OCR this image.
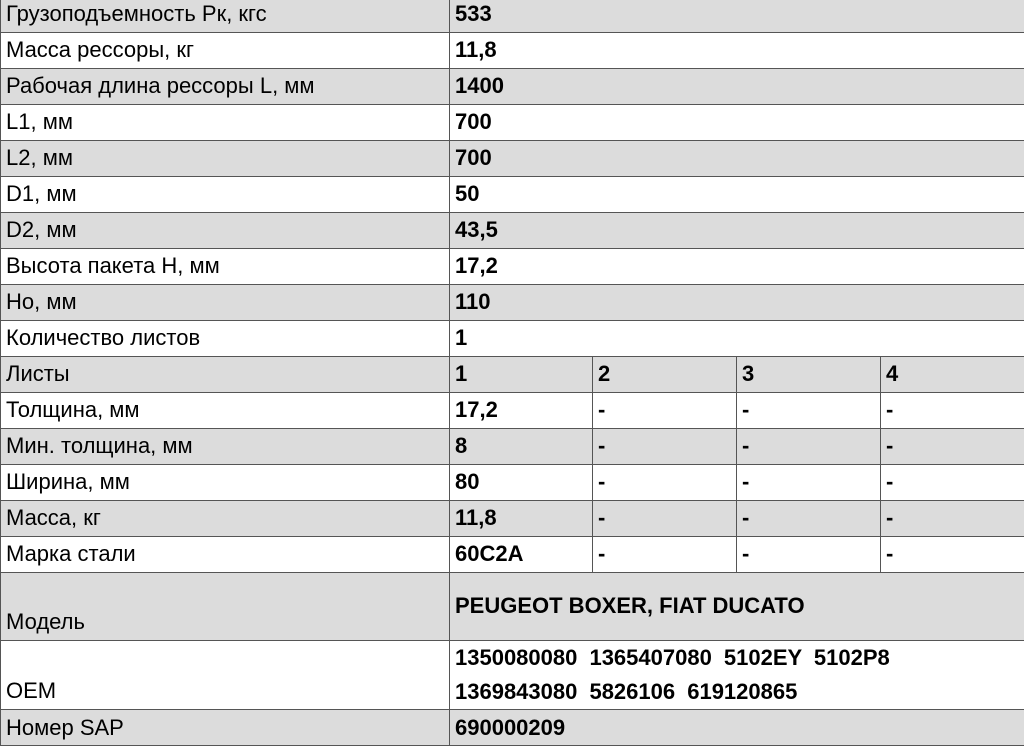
Грузоподъемность Pк, кгс	533			
Масса рессоры, кг	11,8			
Рабочая длина рессоры L, мм	1400			
L1, мм	700			
L2, мм	700			
D1, мм	50			
D2, мм	43,5			
Высота пакета H, мм	17,2			
Но, мм	110			
Количество листов	1			
Листы	1	2	3	4
Толщина, мм	17,2	-	-	-
Мин. толщина, мм	8	-	-	-
Ширина, мм	80	-	-	-
Масса, кг	11,8	-	-	-
Марка стали	60C2A	-	-	-
Модель	PEUGEOT BOXER, FIAT DUCATO			
OEM	1350080080 1365407080 5102EY 5102P8
1369843080 5826106 619120865			

Номер SAP	690000209			
